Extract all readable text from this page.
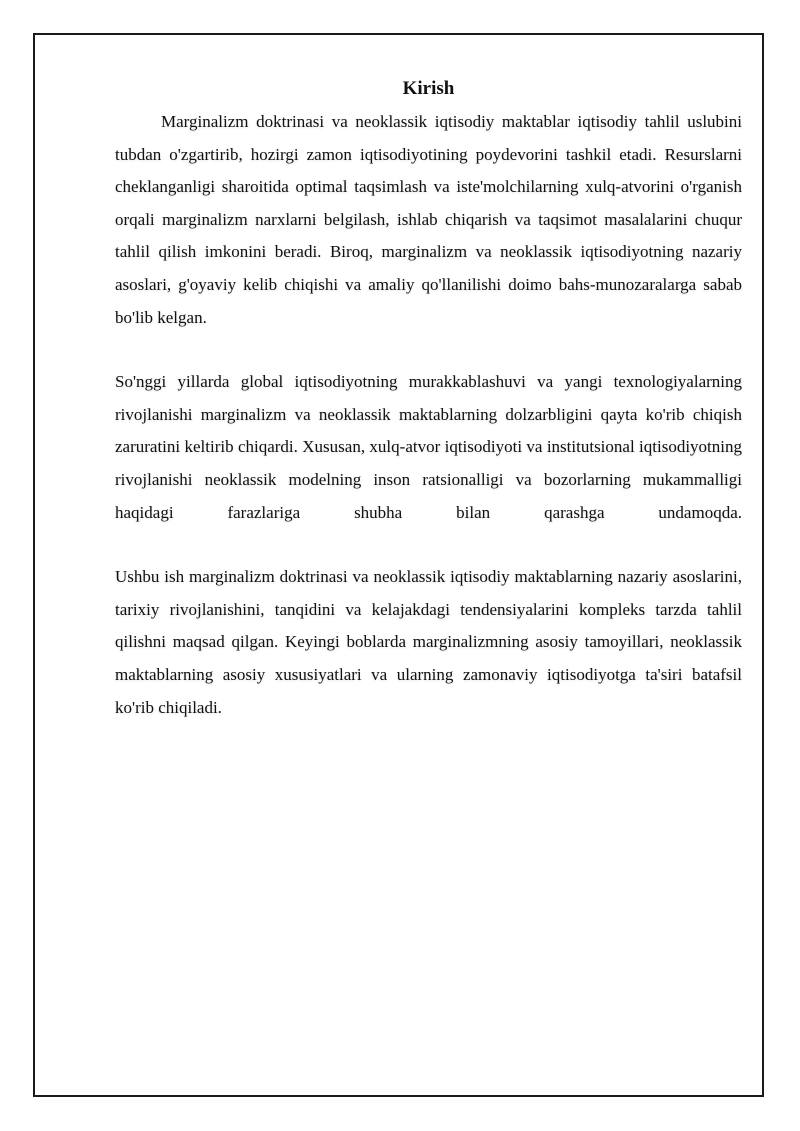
Kirish

Marginalizm doktrinasi va neoklassik iqtisodiy maktablar iqtisodiy tahlil uslubini tubdan o'zgartirib, hozirgi zamon iqtisodiyotining poydevorini tashkil etadi. Resurslarni cheklanganligi sharoitida optimal taqsimlash va iste'molchilarning xulq-atvorini o'rganish orqali marginalizm narxlarni belgilash, ishlab chiqarish va taqsimot masalalarini chuqur tahlil qilish imkonini beradi. Biroq, marginalizm va neoklassik iqtisodiyotning nazariy asoslari, g'oyaviy kelib chiqishi va amaliy qo'llanilishi doimo bahs-munozaralarga sabab bo'lib kelgan.

So'nggi yillarda global iqtisodiyotning murakkablashuvi va yangi texnologiyalarning rivojlanishi marginalizm va neoklassik maktablarning dolzarbligini qayta ko'rib chiqish zaruratini keltirib chiqardi. Xususan, xulq-atvor iqtisodiyoti va institutsional iqtisodiyotning rivojlanishi neoklassik modelning inson ratsionalligi va bozorlarning mukammalligi haqidagi farazlariga shubha bilan qarashga undamoqda.

Ushbu ish marginalizm doktrinasi va neoklassik iqtisodiy maktablarning nazariy asoslarini, tarixiy rivojlanishini, tanqidini va kelajakdagi tendensiyalarini kompleks tarzda tahlil qilishni maqsad qilgan. Keyingi boblarda marginalizmning asosiy tamoyillari, neoklassik maktablarning asosiy xususiyatlari va ularning zamonaviy iqtisodiyotga ta'siri batafsil ko'rib chiqiladi.
